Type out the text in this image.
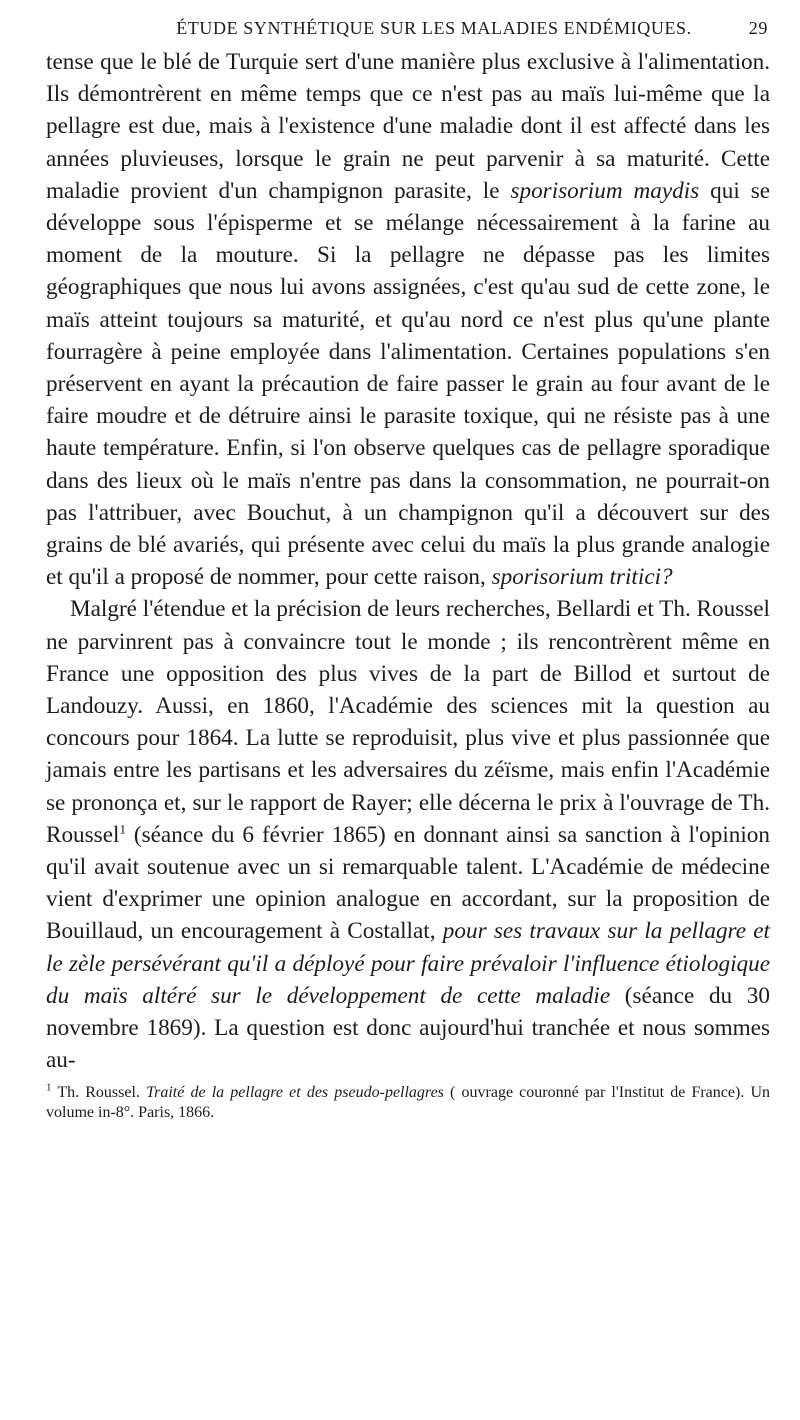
ÉTUDE SYNTHÉTIQUE SUR LES MALADIES ENDÉMIQUES.	29

tense que le blé de Turquie sert d'une manière plus exclusive à l'alimentation. Ils démontrèrent en même temps que ce n'est pas au maïs lui-même que la pellagre est due, mais à l'existence d'une maladie dont il est affecté dans les années pluvieuses, lorsque le grain ne peut parvenir à sa maturité. Cette maladie provient d'un champignon parasite, le sporisorium maydis qui se développe sous l'épisperme et se mélange nécessairement à la farine au moment de la mouture. Si la pellagre ne dépasse pas les limites géographiques que nous lui avons assignées, c'est qu'au sud de cette zone, le maïs atteint toujours sa maturité, et qu'au nord ce n'est plus qu'une plante fourragère à peine employée dans l'alimentation. Certaines populations s'en préservent en ayant la précaution de faire passer le grain au four avant de le faire moudre et de détruire ainsi le parasite toxique, qui ne résiste pas à une haute température. Enfin, si l'on observe quelques cas de pellagre sporadique dans des lieux où le maïs n'entre pas dans la consommation, ne pourrait-on pas l'attribuer, avec Bouchut, à un champignon qu'il a découvert sur des grains de blé avariés, qui présente avec celui du maïs la plus grande analogie et qu'il a proposé de nommer, pour cette raison, sporisorium tritici?

Malgré l'étendue et la précision de leurs recherches, Bellardi et Th. Roussel ne parvinrent pas à convaincre tout le monde ; ils rencontrèrent même en France une opposition des plus vives de la part de Billod et surtout de Landouzy. Aussi, en 1860, l'Académie des sciences mit la question au concours pour 1864. La lutte se reproduisit, plus vive et plus passionnée que jamais entre les partisans et les adversaires du zéïsme, mais enfin l'Académie se prononça et, sur le rapport de Rayer; elle décerna le prix à l'ouvrage de Th. Roussel$^1$ (séance du 6 février 1865) en donnant ainsi sa sanction à l'opinion qu'il avait soutenue avec un si remarquable talent. L'Académie de médecine vient d'exprimer une opinion analogue en accordant, sur la proposition de Bouillaud, un encouragement à Costallat, pour ses travaux sur la pellagre et le zèle persévérant qu'il a déployé pour faire prévaloir l'influence étiologique du maïs altéré sur le développement de cette maladie (séance du 30 novembre 1869). La question est donc aujourd'hui tranchée et nous sommes au-

$^1$ Th. Roussel. Traité de la pellagre et des pseudo-pellagres ( ouvrage couronné par l'Institut de France). Un volume in-8°. Paris, 1866.
